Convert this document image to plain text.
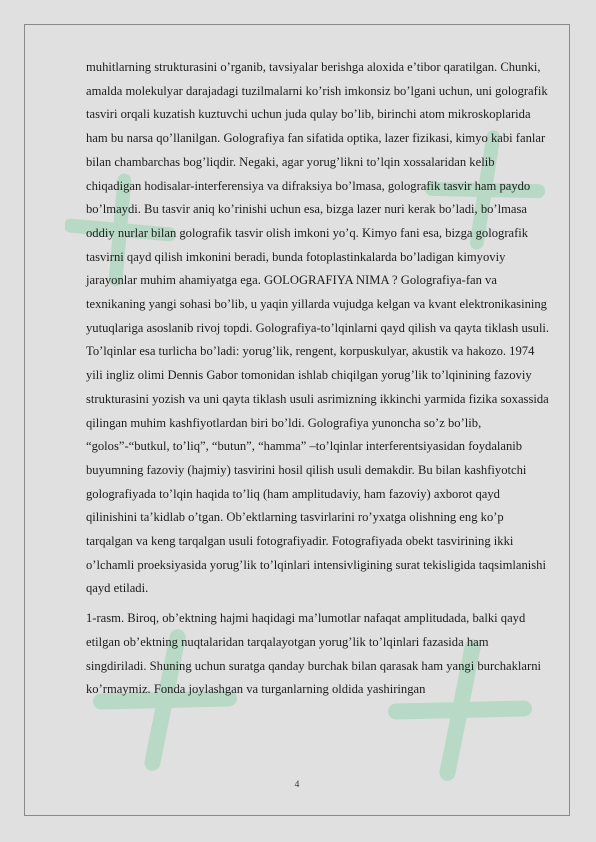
muhitlarning strukturasini o’rganib, tavsiyalar berishga aloxida e’tibor qaratilgan. Chunki, amalda molekulyar darajadagi tuzilmalarni ko’rish imkonsiz bo’lgani uchun, uni golografik tasviri orqali kuzatish kuztuvchi uchun juda qulay bo’lib, birinchi atom mikroskoplarida ham bu narsa qo’llanilgan. Golografiya fan sifatida optika, lazer fizikasi, kimyo kabi fanlar bilan chambarchas bog’liqdir. Negaki, agar yorug’likni to’lqin xossalaridan kelib chiqadigan hodisalar-interferensiya va difraksiya bo’lmasa, golografik tasvir ham paydo bo’lmaydi. Bu tasvir aniq ko’rinishi uchun esa, bizga lazer nuri kerak bo’ladi, bo’lmasa oddiy nurlar bilan golografik tasvir olish imkoni yo’q. Kimyo fani esa, bizga golografik tasvirni qayd qilish imkonini beradi, bunda fotoplastinkalarda bo’ladigan kimyoviy jarayonlar muhim ahamiyatga ega. GOLOGRAFIYA NIMA ? Golografiya-fan va texnikaning yangi sohasi bo’lib, u yaqin yillarda vujudga kelgan va kvant elektronikasining yutuqlariga asoslanib rivoj topdi. Golografiya-to’lqinlarni qayd qilish va qayta tiklash usuli. To’lqinlar esa turlicha bo’ladi: yorug’lik, rengent, korpuskulyar, akustik va hakozo. 1974 yili ingliz olimi Dennis Gabor tomonidan ishlab chiqilgan yorug’lik to’lqinining fazoviy strukturasini yozish va uni qayta tiklash usuli asrimizning ikkinchi yarmida fizika soxassida qilingan muhim kashfiyotlardan biri bo’ldi. Golografiya yunoncha so’z bo’lib, “golos”-“butkul, to’liq”, “butun”, “hamma” –to’lqinlar interferentsiyasidan foydalanib buyumning fazoviy (hajmiy) tasvirini hosil qilish usuli demakdir. Bu bilan kashfiyotchi golografiyada to’lqin haqida to’liq (ham amplitudaviy, ham fazoviy) axborot qayd qilinishini ta’kidlab o’tgan. Ob’ektlarning tasvirlarini ro’yxatga olishning eng ko’p tarqalgan va keng tarqalgan usuli fotografiyadir. Fotografiyada obekt tasvirining ikki o’lchamli proeksiyasida yorug’lik to’lqinlari intensivligining surat tekisligida taqsimlanishi qayd etiladi.

1-rasm. Biroq, ob’ektning hajmi haqidagi ma’lumotlar nafaqat amplitudada, balki qayd etilgan ob’ektning nuqtalaridan tarqalayotgan yorug’lik to’lqinlari fazasida ham singdiriladi. Shuning uchun suratga qanday burchak bilan qarasak ham yangi burchaklarni ko’rmaymiz. Fonda joylashgan va turganlarning oldida yashiringan

4
